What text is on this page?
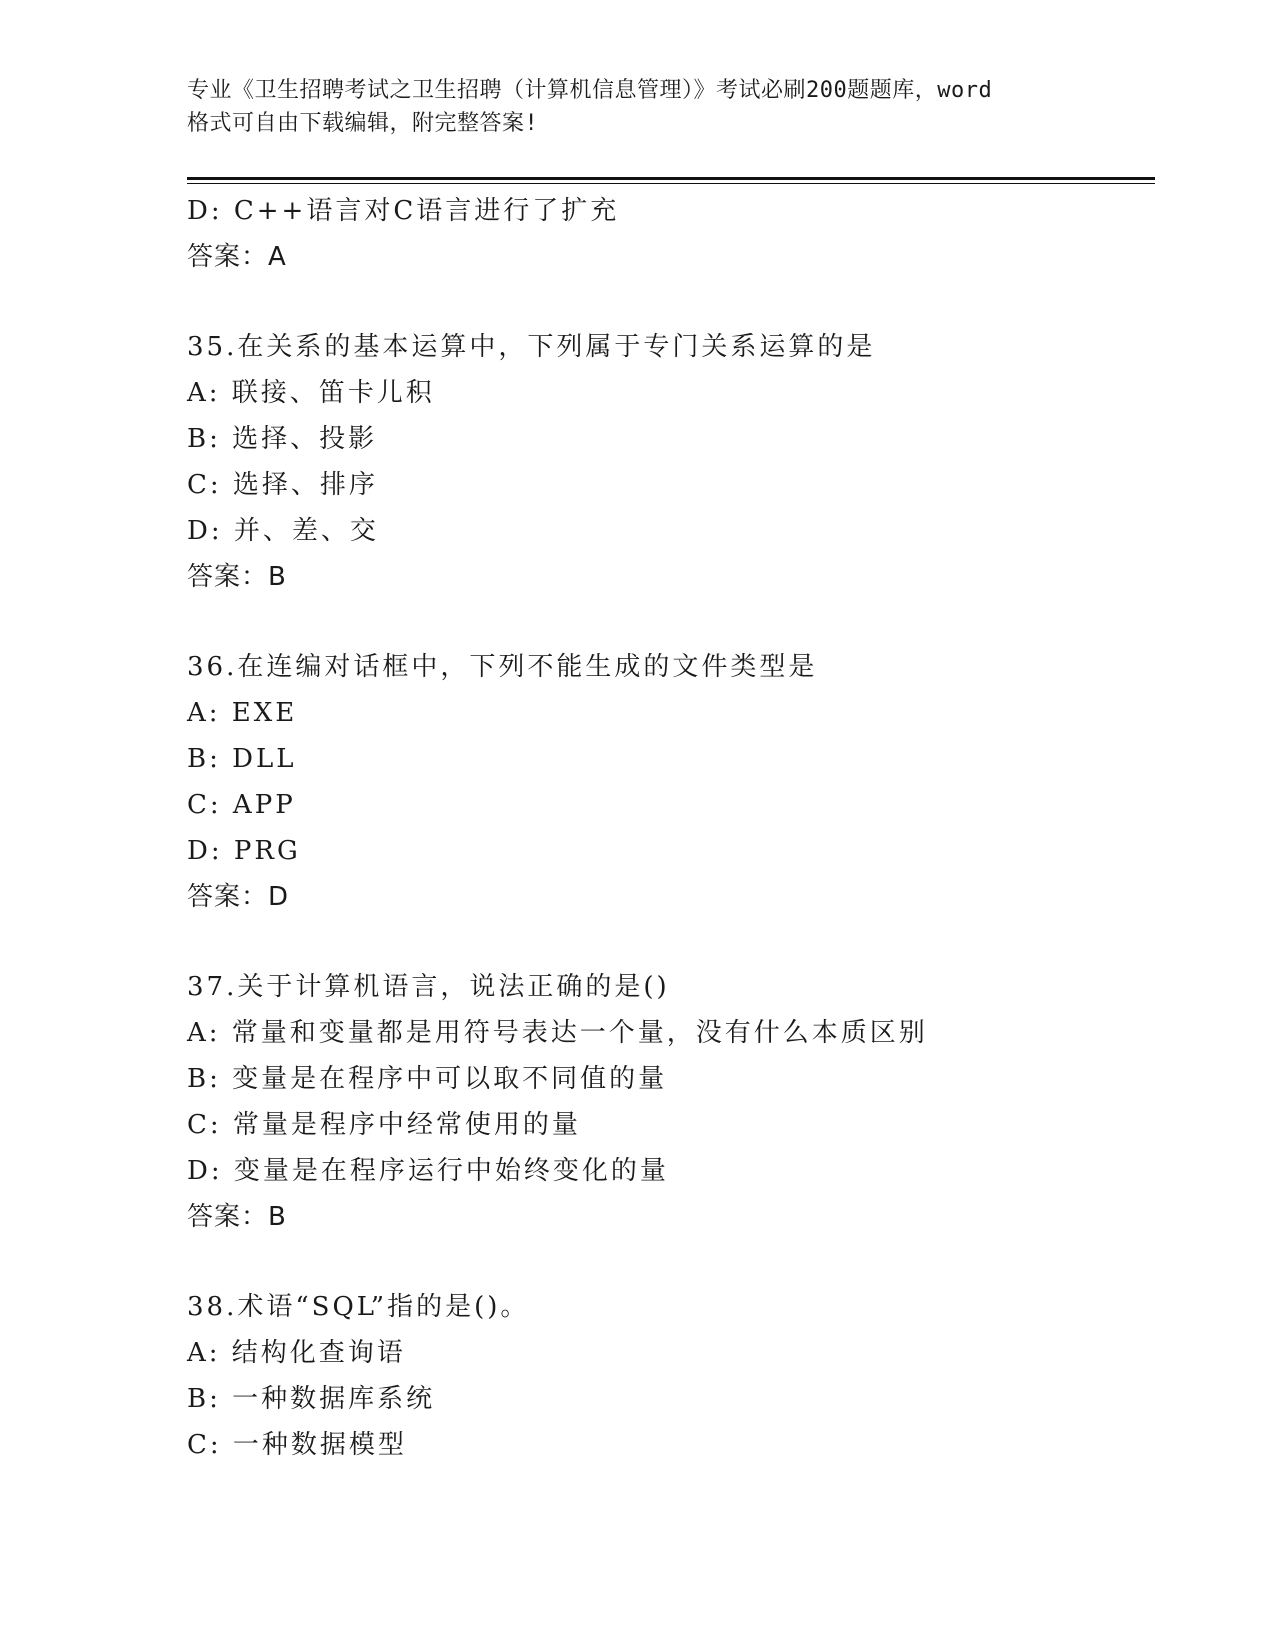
专业《卫生招聘考试之卫生招聘（计算机信息管理）》考试必刷200题题库，word
格式可自由下载编辑，附完整答案!
D: C++语言对C语言进行了扩充
答案：A
35.在关系的基本运算中，下列属于专门关系运算的是
A: 联接、笛卡儿积
B: 选择、投影
C: 选择、排序
D: 并、差、交
答案：B
36.在连编对话框中，下列不能生成的文件类型是
A: EXE
B: DLL
C: APP
D: PRG
答案：D
37.关于计算机语言，说法正确的是()
A: 常量和变量都是用符号表达一个量，没有什么本质区别
B: 变量是在程序中可以取不同值的量
C: 常量是程序中经常使用的量
D: 变量是在程序运行中始终变化的量
答案：B
38.术语“SQL”指的是()。
A: 结构化查询语
B: 一种数据库系统
C: 一种数据模型
